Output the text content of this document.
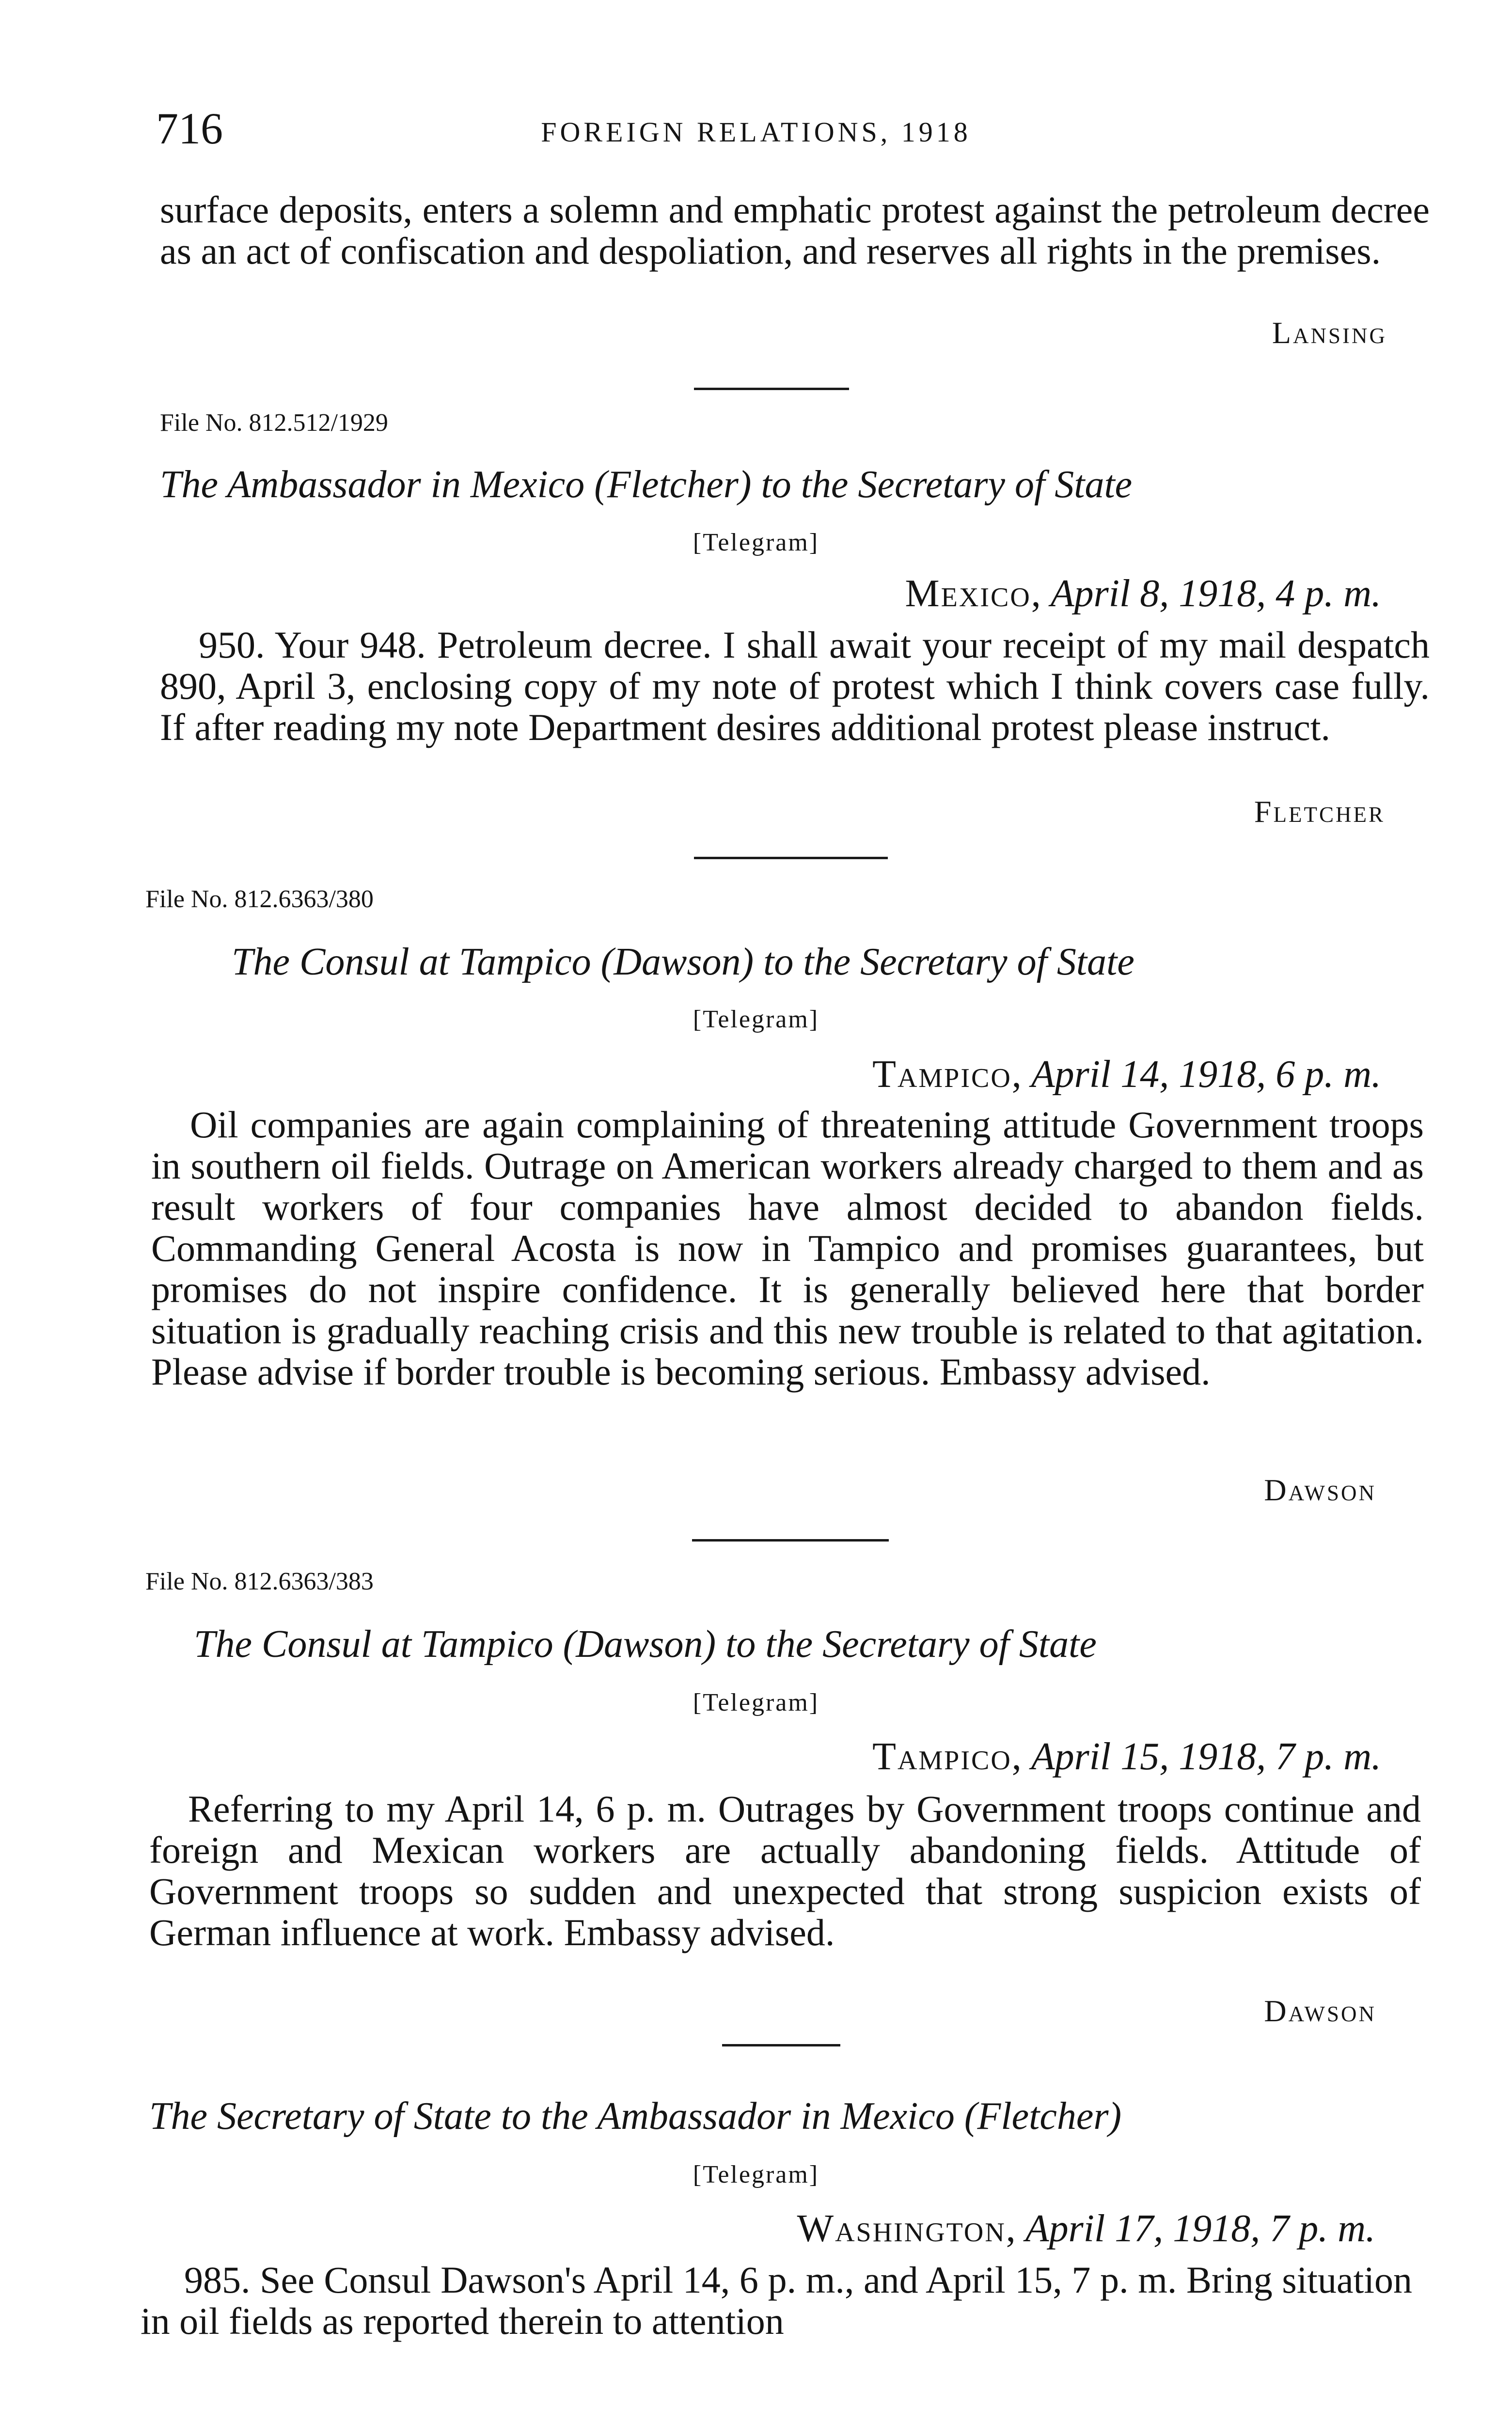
716	FOREIGN RELATIONS, 1918

surface deposits, enters a solemn and emphatic protest against the petroleum decree as an act of confiscation and despoliation, and reserves all rights in the premises.

Lansing
File No. 812.512/1929
The Ambassador in Mexico (Fletcher) to the Secretary of State
[Telegram]
Mexico, April 8, 1918, 4 p. m.

950. Your 948. Petroleum decree. I shall await your receipt of my mail despatch 890, April 3, enclosing copy of my note of protest which I think covers case fully. If after reading my note Department desires additional protest please instruct.

Fletcher
File No. 812.6363/380
The Consul at Tampico (Dawson) to the Secretary of State
[Telegram]
Tampico, April 14, 1918, 6 p. m.

Oil companies are again complaining of threatening attitude Government troops in southern oil fields. Outrage on American workers already charged to them and as result workers of four companies have almost decided to abandon fields. Commanding General Acosta is now in Tampico and promises guarantees, but promises do not inspire confidence. It is generally believed here that border situation is gradually reaching crisis and this new trouble is related to that agitation. Please advise if border trouble is becoming serious. Embassy advised.

Dawson
File No. 812.6363/383
The Consul at Tampico (Dawson) to the Secretary of State
[Telegram]
Tampico, April 15, 1918, 7 p. m.

Referring to my April 14, 6 p. m. Outrages by Government troops continue and foreign and Mexican workers are actually abandoning fields. Attitude of Government troops so sudden and unexpected that strong suspicion exists of German influence at work. Embassy advised.

Dawson
The Secretary of State to the Ambassador in Mexico (Fletcher)
[Telegram]
Washington, April 17, 1918, 7 p. m.

985. See Consul Dawson's April 14, 6 p. m., and April 15, 7 p. m. Bring situation in oil fields as reported therein to attention
